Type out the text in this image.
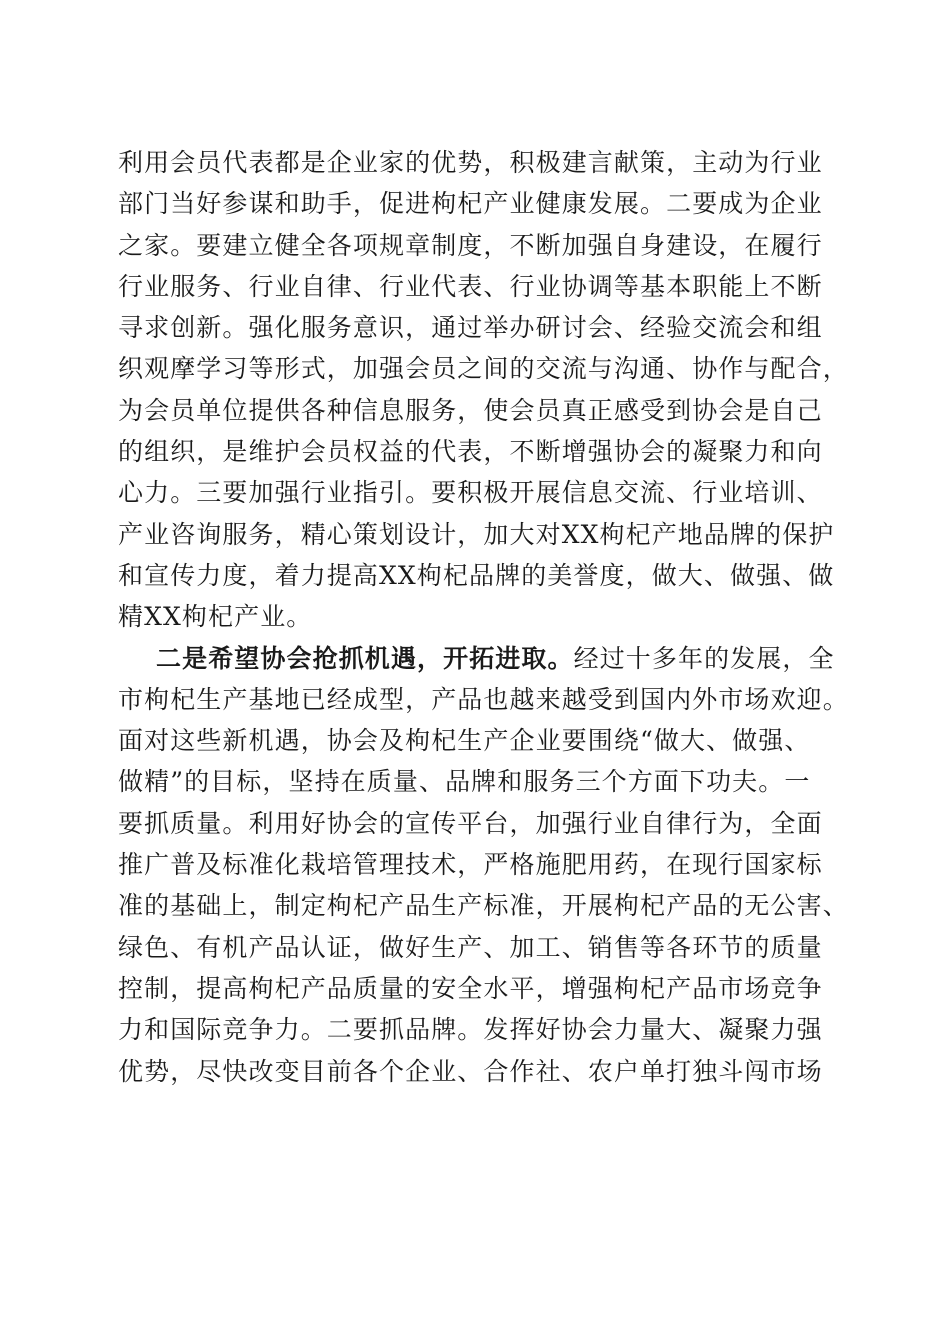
利用会员代表都是企业家的优势，积极建言献策，主动为行业
部门当好参谋和助手，促进枸杞产业健康发展。二要成为企业
之家。要建立健全各项规章制度，不断加强自身建设，在履行
行业服务、行业自律、行业代表、行业协调等基本职能上不断
寻求创新。强化服务意识，通过举办研讨会、经验交流会和组
织观摩学习等形式，加强会员之间的交流与沟通、协作与配合，
为会员单位提供各种信息服务，使会员真正感受到协会是自己
的组织，是维护会员权益的代表，不断增强协会的凝聚力和向
心力。三要加强行业指引。要积极开展信息交流、行业培训、
产业咨询服务，精心策划设计，加大对XX枸杞产地品牌的保护
和宣传力度，着力提高XX枸杞品牌的美誉度，做大、做强、做
精XX枸杞产业。
二是希望协会抢抓机遇，开拓进取。经过十多年的发展，全
市枸杞生产基地已经成型，产品也越来越受到国内外市场欢迎。
面对这些新机遇，协会及枸杞生产企业要围绕“做大、做强、
做精”的目标，坚持在质量、品牌和服务三个方面下功夫。一
要抓质量。利用好协会的宣传平台，加强行业自律行为，全面
推广普及标准化栽培管理技术，严格施肥用药，在现行国家标
准的基础上，制定枸杞产品生产标准，开展枸杞产品的无公害、
绿色、有机产品认证，做好生产、加工、销售等各环节的质量
控制，提高枸杞产品质量的安全水平，增强枸杞产品市场竞争
力和国际竞争力。二要抓品牌。发挥好协会力量大、凝聚力强
优势，尽快改变目前各个企业、合作社、农户单打独斗闯市场
